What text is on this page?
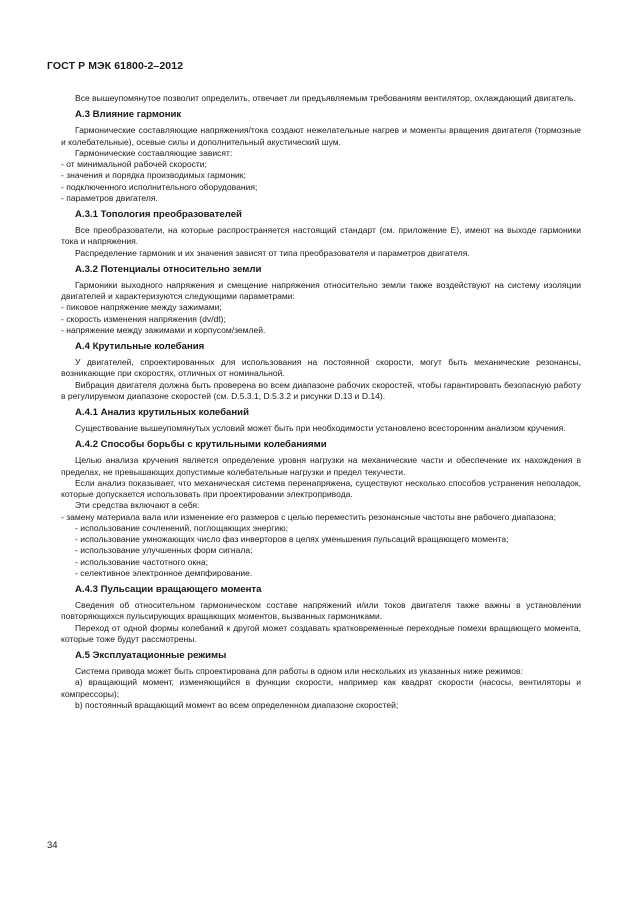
ГОСТ Р МЭК 61800-2–2012

Все вышеупомянутое позволит определить, отвечает ли предъявляемым требованиям вентилятор, охлаждающий двигатель.

А.3 Влияние гармоник

Гармонические составляющие напряжения/тока создают нежелательные нагрев и моменты вращения двигателя (тормозные и колебательные), осевые силы и дополнительный акустический шум.

Гармонические составляющие зависят:

- от минимальной рабочей скорости;

- значения и порядка производимых гармоник;

- подключенного исполнительного оборудования;

- параметров двигателя.

А.3.1 Топология преобразователей

Все преобразователи, на которые распространяется настоящий стандарт (см. приложение E), имеют на выходе гармоники тока и напряжения.

Распределение гармоник и их значения зависят от типа преобразователя и параметров двигателя.

А.3.2 Потенциалы относительно земли

Гармоники выходного напряжения и смещение напряжения относительно земли также воздействуют на систему изоляции двигателей и характеризуются следующими параметрами:

- пиковое напряжение между зажимами;

- скорость изменения напряжения (dv/dt);

- напряжение между зажимами и корпусом/землей.

А.4 Крутильные колебания

У двигателей, спроектированных для использования на постоянной скорости, могут быть механические резонансы, возникающие при скоростях, отличных от номинальной.

Вибрация двигателя должна быть проверена во всем диапазоне рабочих скоростей, чтобы гарантировать безопасную работу в регулируемом диапазоне скоростей (см. D.5.3.1, D.5.3.2 и рисунки D.13 и D.14).

А.4.1 Анализ крутильных колебаний

Существование вышеупомянутых условий может быть при необходимости установлено всесторонним анализом кручения.

А.4.2 Способы борьбы с крутильными колебаниями

Целью анализа кручения является определение уровня нагрузки на механические части и обеспечение их нахождения в пределах, не превышающих допустимые колебательные нагрузки и предел текучести.

Если анализ показывает, что механическая система перенапряжена, существуют несколько способов устранения неполадок, которые допускается использовать при проектировании электропривода.

Эти средства включают в себя:

- замену материала вала или изменение его размеров с целью переместить резонансные частоты вне рабочего диапазона;

- использование сочленений, поглощающих энергию;

- использование умножающих число фаз инверторов в целях уменьшения пульсаций вращающего момента;

- использование улучшенных форм сигнала;

- использование частотного окна;

- селективное электронное демпфирование.

А.4.3 Пульсации вращающего момента

Сведения об относительном гармоническом составе напряжений и/или токов двигателя также важны в установлении повторяющихся пульсирующих вращающих моментов, вызванных гармониками.

Переход от одной формы колебаний к другой может создавать кратковременные переходные помехи вращающего момента, которые тоже будут рассмотрены.

А.5 Эксплуатационные режимы

Система привода может быть спроектирована для работы в одном или нескольких из указанных ниже режимов:

a) вращающий момент, изменяющийся в функции скорости, например как квадрат скорости (насосы, вентиляторы и компрессоры);

b) постоянный вращающий момент во всем определенном диапазоне скоростей;

34
